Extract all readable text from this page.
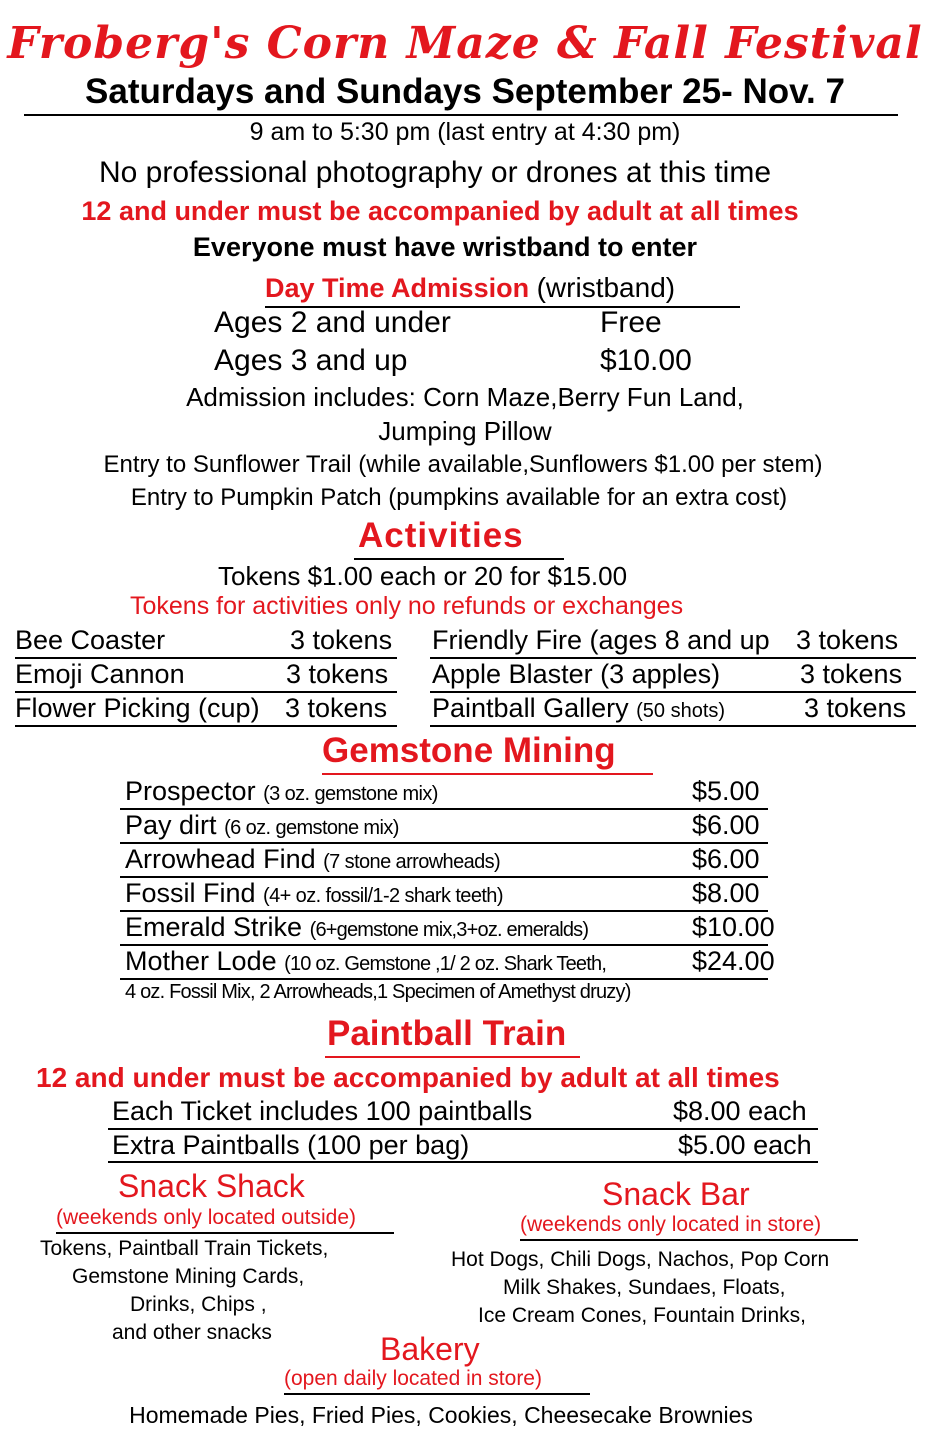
Froberg's Corn Maze & Fall Festival
Saturdays and Sundays September 25- Nov. 7
9 am to 5:30 pm (last entry at 4:30 pm)
No professional photography or drones at this time
12 and under must be accompanied by adult at all times
Everyone must have wristband to enter
Day Time Admission (wristband)
Ages 2 and under	Free
Ages 3 and up	$10.00
Admission includes: Corn Maze,Berry Fun Land,
Jumping Pillow
Entry to Sunflower Trail (while available,Sunflowers $1.00 per stem)
Entry to Pumpkin Patch (pumpkins available for an extra cost)
Activities
Tokens $1.00 each or 20 for $15.00
Tokens for activities only no refunds or exchanges
Bee Coaster	3 tokens
Emoji Cannon	3 tokens
Flower Picking (cup) 3 tokens
Friendly Fire (ages 8 and up 3 tokens
Apple Blaster (3 apples)	3 tokens
Paintball Gallery (50 shots)	3 tokens
Gemstone Mining
Prospector (3 oz. gemstone mix)	$5.00
Pay dirt (6 oz. gemstone mix)	$6.00
Arrowhead Find (7 stone arrowheads)	$6.00
Fossil Find (4+ oz. fossil/1-2 shark teeth)	$8.00
Emerald Strike (6+gemstone mix,3+oz. emeralds)	$10.00
Mother Lode (10 oz. Gemstone ,1/ 2 oz. Shark Teeth,	$24.00
4 oz. Fossil Mix, 2 Arrowheads,1 Specimen of Amethyst druzy)
Paintball Train
12 and under must be accompanied by adult at all times
Each Ticket includes 100 paintballs	$8.00 each
Extra Paintballs (100 per bag)	$5.00 each
Snack Shack
(weekends only located outside)
Tokens, Paintball Train Tickets,
Gemstone Mining Cards,
Drinks, Chips ,
and other snacks
Snack Bar
(weekends only located in store)
Hot Dogs, Chili Dogs, Nachos, Pop Corn
Milk Shakes, Sundaes, Floats,
Ice Cream Cones, Fountain Drinks,
Bakery
(open daily located in store)
Homemade Pies, Fried Pies, Cookies, Cheesecake Brownies
